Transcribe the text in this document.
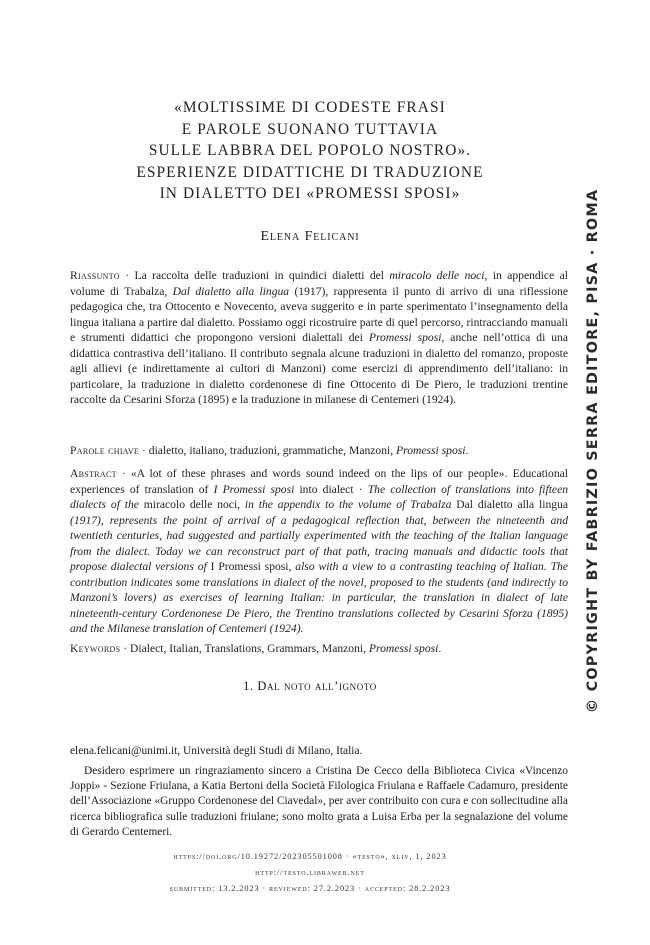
«MOLTISSIME DI CODESTE FRASI
E PAROLE SUONANO TUTTAVIA
SULLE LABBRA DEL POPOLO NOSTRO».
ESPERIENZE DIDATTICHE DI TRADUZIONE
IN DIALETTO DEI «PROMESSI SPOSI»
Elena Felicani
Riassunto · La raccolta delle traduzioni in quindici dialetti del miracolo delle noci, in appendice al volume di Trabalza, Dal dialetto alla lingua (1917), rappresenta il punto di arrivo di una riflessione pedagogica che, tra Ottocento e Novecento, aveva suggerito e in parte sperimentato l’insegnamento della lingua italiana a partire dal dialetto. Possiamo oggi ricostruire parte di quel percorso, rintracciando manuali e strumenti didattici che propongono versioni dialettali dei Promessi sposi, anche nell’ottica di una didattica contrastiva dell’italiano. Il contributo segnala alcune traduzioni in dialetto del romanzo, proposte agli allievi (e indirettamente ai cultori di Manzoni) come esercizi di apprendimento dell’italiano: in particolare, la traduzione in dialetto cordenonese di fine Ottocento di De Piero, le traduzioni trentine raccolte da Cesarini Sforza (1895) e la traduzione in milanese di Centemeri (1924).
Parole chiave · dialetto, italiano, traduzioni, grammatiche, Manzoni, Promessi sposi.
Abstract · «A lot of these phrases and words sound indeed on the lips of our people». Educational experiences of translation of I Promessi sposi into dialect · The collection of translations into fifteen dialects of the miracolo delle noci, in the appendix to the volume of Trabalza Dal dialetto alla lingua (1917), represents the point of arrival of a pedagogical reflection that, between the nineteenth and twentieth centuries, had suggested and partially experimented with the teaching of the Italian language from the dialect. Today we can reconstruct part of that path, tracing manuals and didactic tools that propose dialectal versions of I Promessi sposi, also with a view to a contrasting teaching of Italian. The contribution indicates some translations in dialect of the novel, proposed to the students (and indirectly to Manzoni’s lovers) as exercises of learning Italian: in particular, the translation in dialect of late nineteenth-century Cordenonese De Piero, the Trentino translations collected by Cesarini Sforza (1895) and the Milanese translation of Centemeri (1924).
Keywords · Dialect, Italian, Translations, Grammars, Manzoni, Promessi sposi.
1. Dal noto all’ignoto
elena.felicani@unimi.it, Università degli Studi di Milano, Italia.
Desidero esprimere un ringraziamento sincero a Cristina De Cecco della Biblioteca Civica «Vincenzo Joppi» - Sezione Friulana, a Katia Bertoni della Società Filologica Friulana e Raffaele Cadamuro, presidente dell’Associazione «Gruppo Cordenonese del Ciavedal», per aver contribuito con cura e con sollecitudine alla ricerca bibliografica sulle traduzioni friulane; sono molto grata a Luisa Erba per la segnalazione del volume di Gerardo Centemeri.
https://doi.org/10.19272/202305501008 · «testo», xliv, 1, 2023
http://testo.libraweb.net
submitted: 13.2.2023 · reviewed: 27.2.2023 · accepted: 28.2.2023
© COPYRIGHT BY FABRIZIO SERRA EDITORE, PISA · ROMA
